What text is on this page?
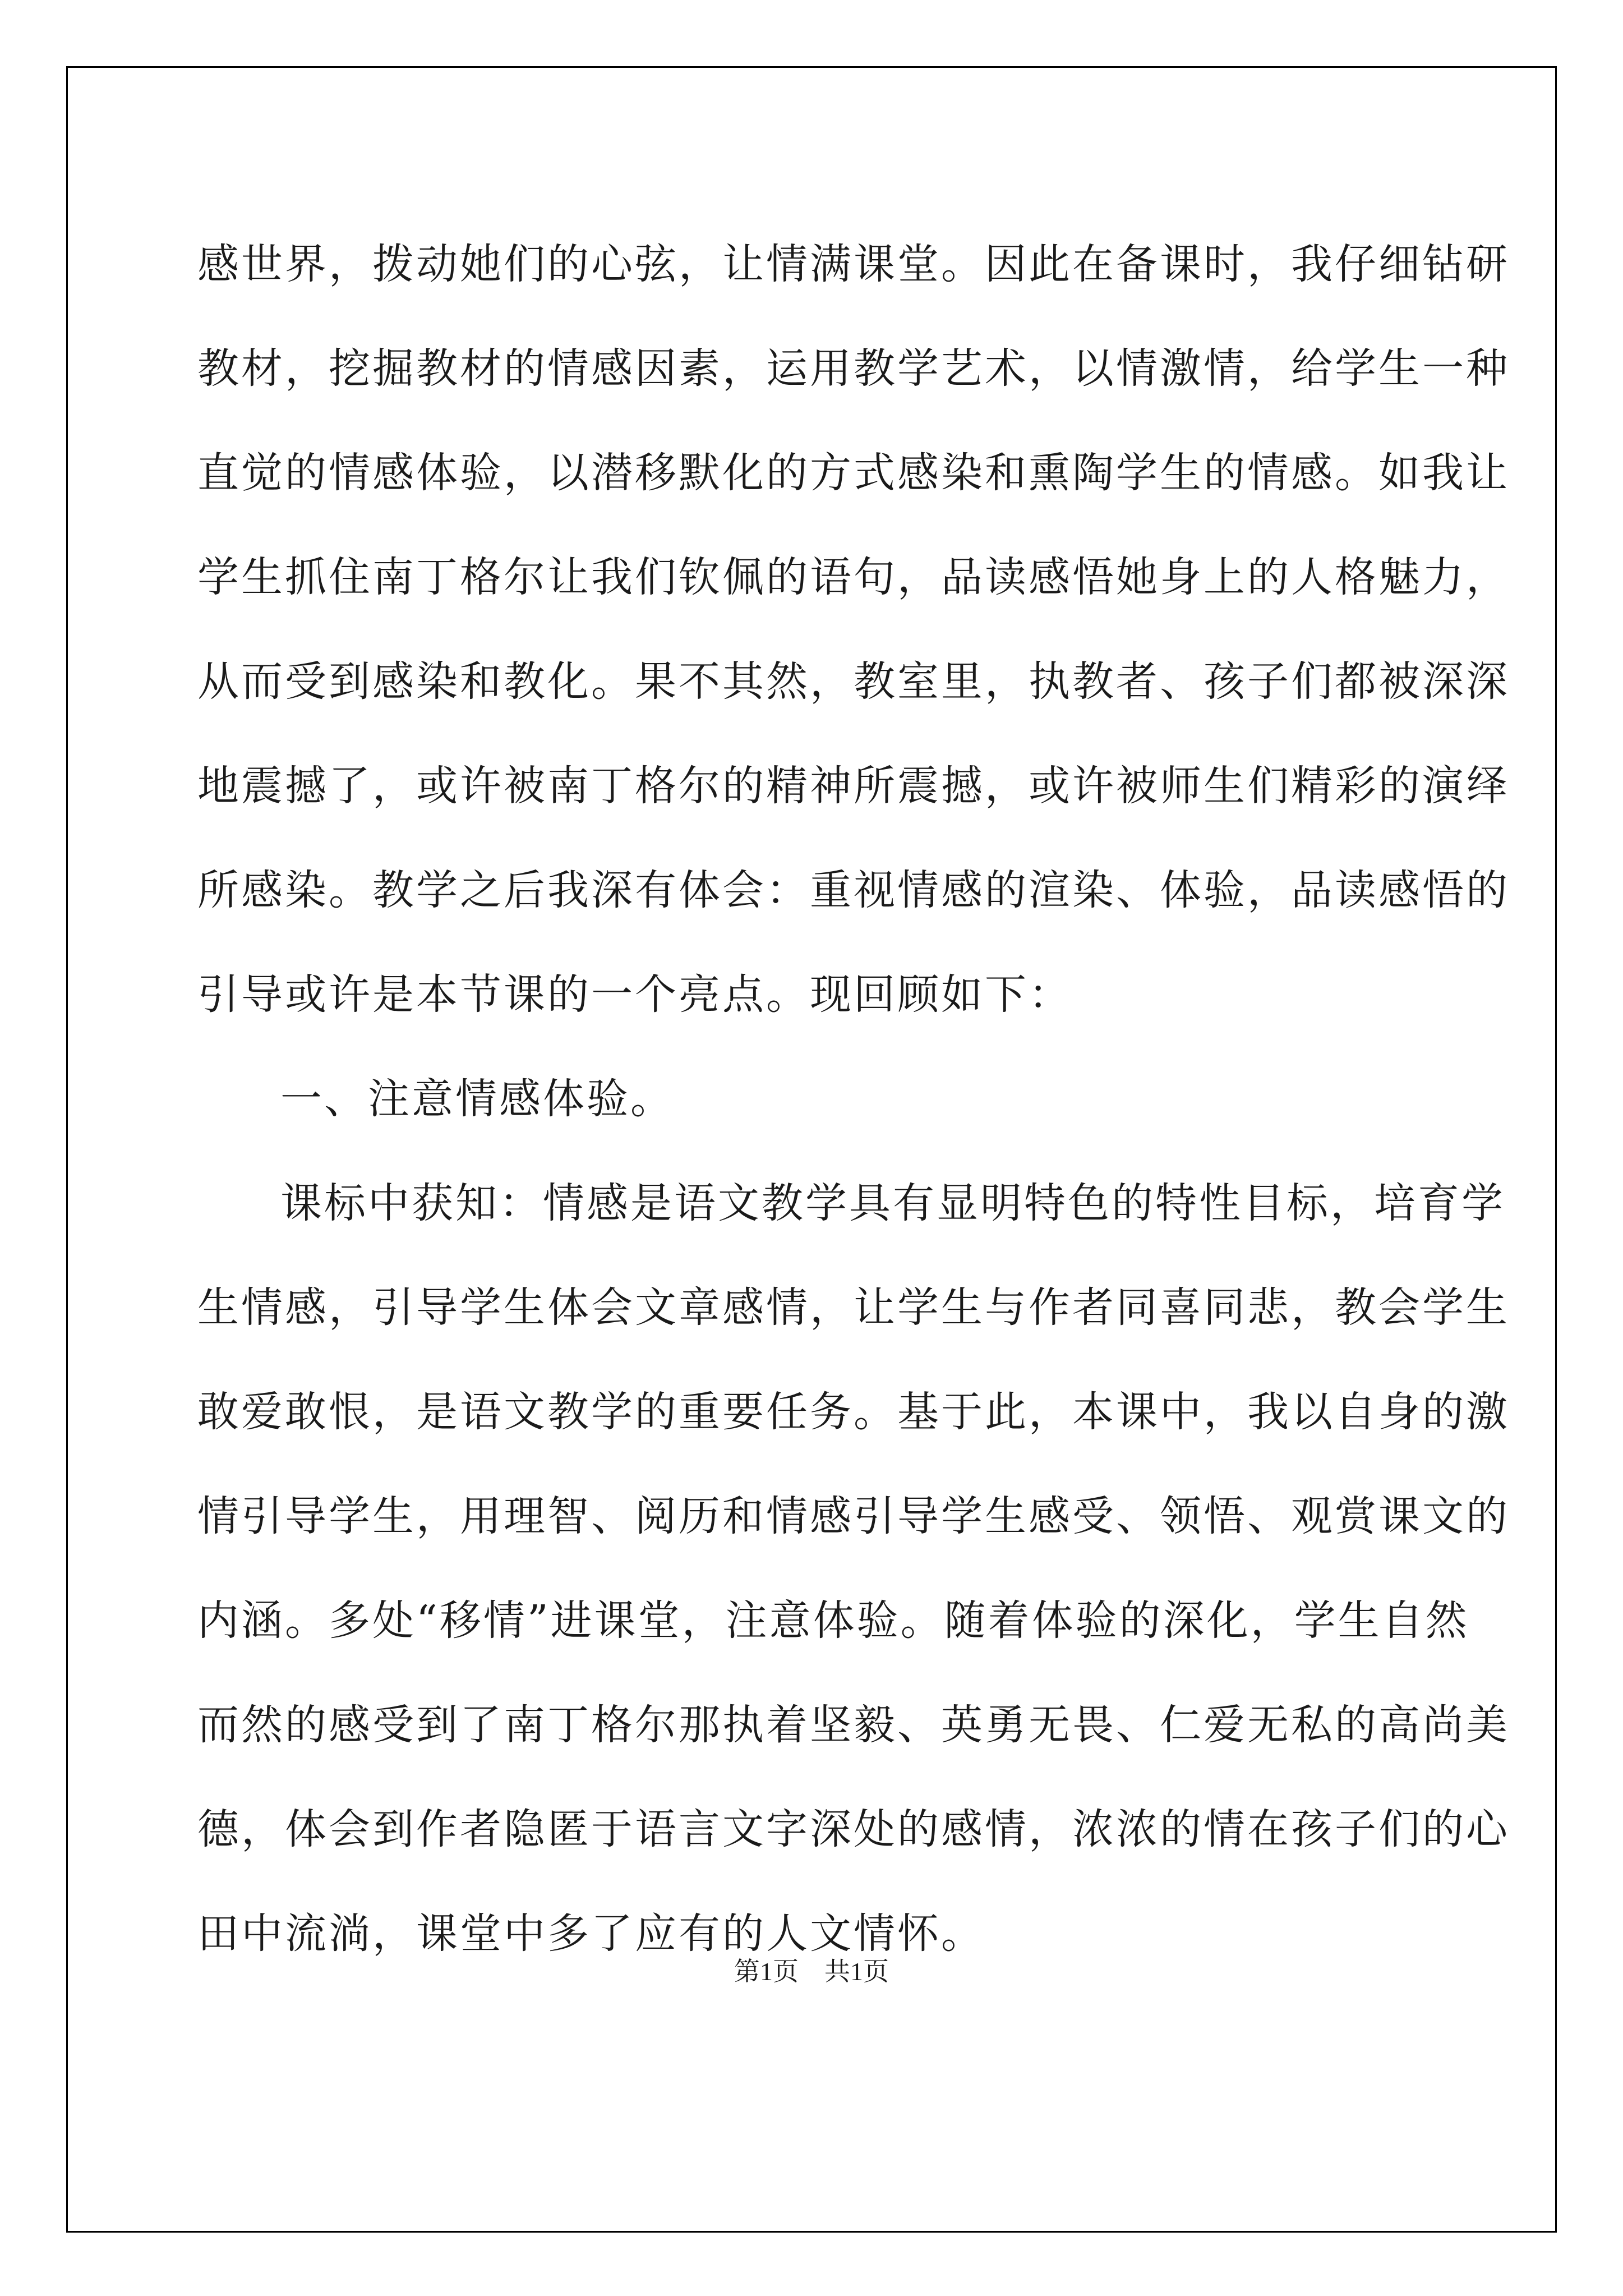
感世界，拨动她们的心弦，让情满课堂。因此在备课时，我仔细钻研
教材，挖掘教材的情感因素，运用教学艺术，以情激情，给学生一种
直觉的情感体验，以潜移默化的方式感染和熏陶学生的情感。如我让
学生抓住南丁格尔让我们钦佩的语句，品读感悟她身上的人格魅力，
从而受到感染和教化。果不其然，教室里，执教者、孩子们都被深深
地震撼了，或许被南丁格尔的精神所震撼，或许被师生们精彩的演绎
所感染。教学之后我深有体会：重视情感的渲染、体验，品读感悟的
引导或许是本节课的一个亮点。现回顾如下：
一、注意情感体验。
课标中获知：情感是语文教学具有显明特色的特性目标，培育学
生情感，引导学生体会文章感情，让学生与作者同喜同悲，教会学生
敢爱敢恨，是语文教学的重要任务。基于此，本课中，我以自身的激
情引导学生，用理智、阅历和情感引导学生感受、领悟、观赏课文的
内涵。多处“移情”进课堂，注意体验。随着体验的深化，学生自然
而然的感受到了南丁格尔那执着坚毅、英勇无畏、仁爱无私的高尚美
德，体会到作者隐匿于语言文字深处的感情，浓浓的情在孩子们的心
田中流淌，课堂中多了应有的人文情怀。
第1页　共1页
